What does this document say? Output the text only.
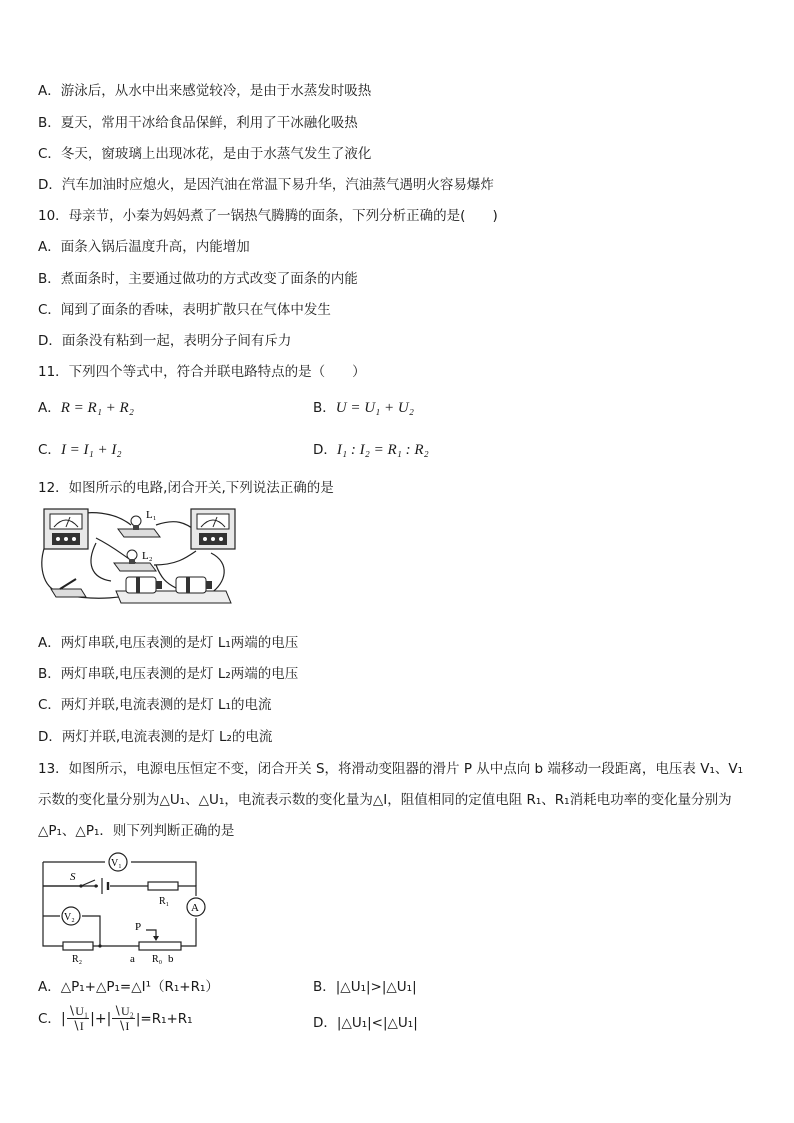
A．游泳后，从水中出来感觉较冷，是由于水蒸发时吸热
B．夏天，常用干冰给食品保鲜，利用了干冰融化吸热
C．冬天，窗玻璃上出现冰花，是由于水蒸气发生了液化
D．汽车加油时应熄火，是因汽油在常温下易升华，汽油蒸气遇明火容易爆炸
10．母亲节，小秦为妈妈煮了一锅热气腾腾的面条，下列分析正确的是(　　)
A．面条入锅后温度升高，内能增加
B．煮面条时，主要通过做功的方式改变了面条的内能
C．闻到了面条的香味，表明扩散只在气体中发生
D．面条没有粘到一起，表明分子间有斥力
11．下列四个等式中，符合并联电路特点的是（　　）
A．R = R₁ + R₂	B．U = U₁ + U₂
C．I = I₁ + I₂	D．I₁ : I₂ = R₁ : R₂
12．如图所示的电路,闭合开关,下列说法正确的是
L₁
L₂
A．两灯串联,电压表测的是灯 L₁两端的电压
B．两灯串联,电压表测的是灯 L₂两端的电压
C．两灯并联,电流表测的是灯 L₁的电流
D．两灯并联,电流表测的是灯 L₂的电流
13．如图所示，电源电压恒定不变，闭合开关 S，将滑动变阻器的滑片 P 从中点向 b 端移动一段距离，电压表 V₁、V₁
示数的变化量分别为△U₁、△U₁，电流表示数的变化量为△I，阻值相同的定值电阻 R₁、R₁消耗电功率的变化量分别为
△P₁、△P₁．则下列判断正确的是
S
R₁
V₁
V₂
A
R₂
P
a R₀ b
A．△P₁+△P₁=△I¹（R₁+R₁）	B．|△U₁|>|△U₁|
C． | $\frac{\text{∖U₁}}{∖I}$ |+| $\frac{\text{∖U₂}}{∖I} |=R_1+R_1$	D．|△U₁|<|△U₁|
